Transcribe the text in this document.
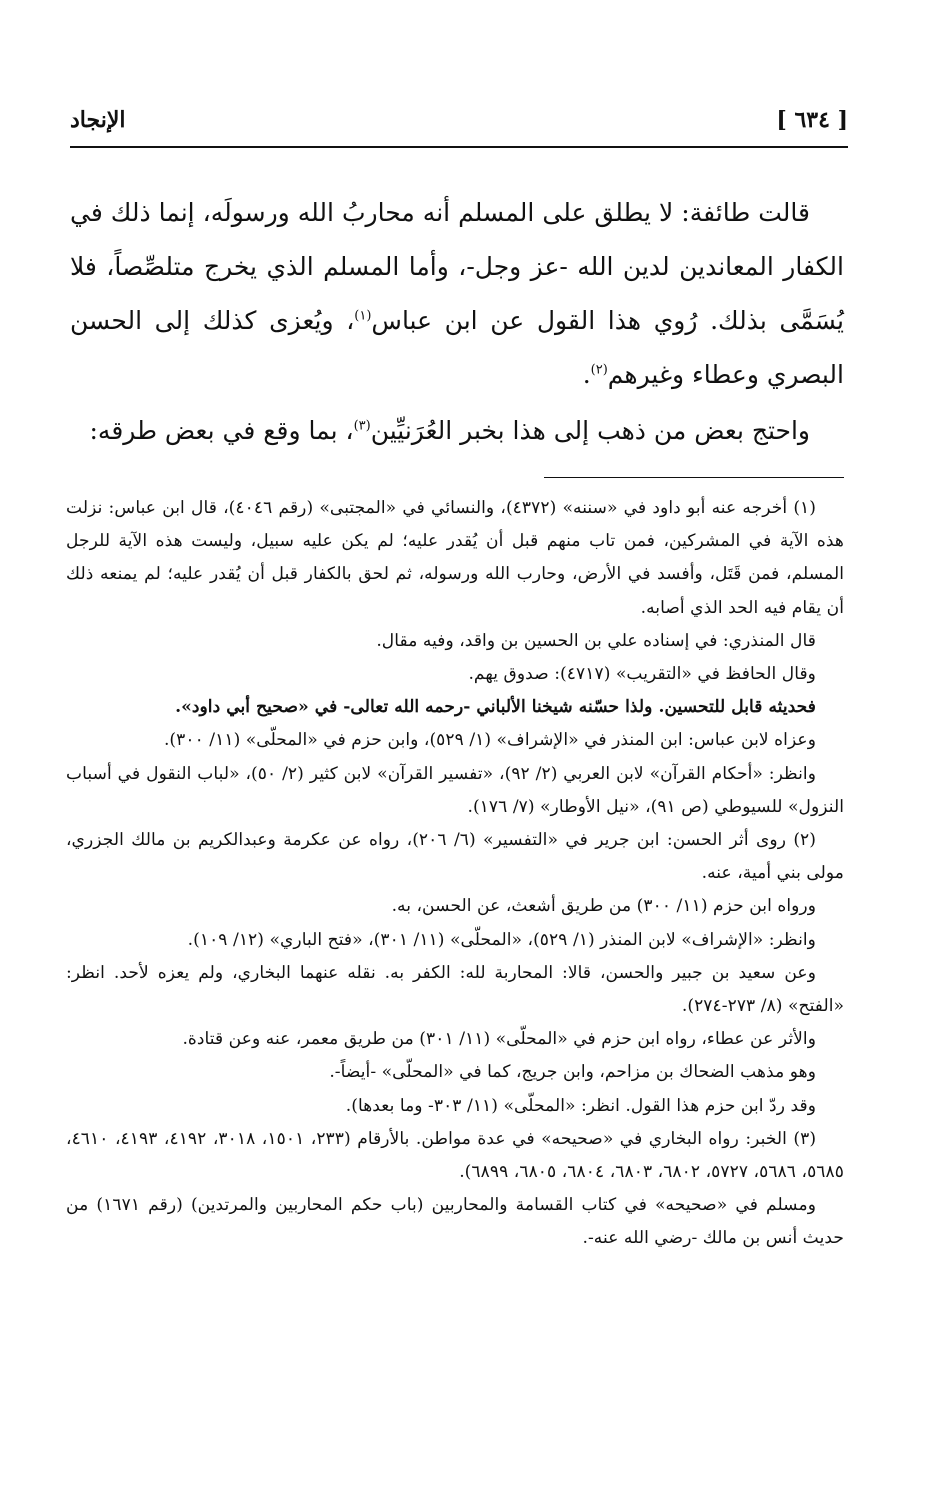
[ ٦٣٤ ]
الإنجاد

قالت طائفة: لا يطلق على المسلم أنه محاربُ الله ورسولَه، إنما ذلك في الكفار المعاندين لدين الله -عز وجل-، وأما المسلم الذي يخرج متلصِّصاً، فلا يُسَمَّى بذلك. رُوي هذا القول عن ابن عباس$^{(١)}$، ويُعزى كذلك إلى الحسن البصري وعطاء وغيرهم$^{(٢)}$.

واحتج بعض من ذهب إلى هذا بخبر العُرَنيِّين$^{(٣)}$، بما وقع في بعض طرقه:

(١) أخرجه عنه أبو داود في «سننه» (٤٣٧٢)، والنسائي في «المجتبى» (رقم ٤٠٤٦)، قال ابن عباس: نزلت هذه الآية في المشركين، فمن تاب منهم قبل أن يُقدر عليه؛ لم يكن عليه سبيل، وليست هذه الآية للرجل المسلم، فمن قَتَل، وأفسد في الأرض، وحارب الله ورسوله، ثم لحق بالكفار قبل أن يُقدر عليه؛ لم يمنعه ذلك أن يقام فيه الحد الذي أصابه.

قال المنذري: في إسناده علي بن الحسين بن واقد، وفيه مقال.

وقال الحافظ في «التقريب» (٤٧١٧): صدوق يهم.

فحديثه قابل للتحسين. ولذا حسّنه شيخنا الألباني -رحمه الله تعالى- في «صحيح أبي داود».

وعزاه لابن عباس: ابن المنذر في «الإشراف» (١/ ٥٢٩)، وابن حزم في «المحلّى» (١١/ ٣٠٠).

وانظر: «أحكام القرآن» لابن العربي (٢/ ٩٢)، «تفسير القرآن» لابن كثير (٢/ ٥٠)، «لباب النقول في أسباب النزول» للسيوطي (ص ٩١)، «نيل الأوطار» (٧/ ١٧٦).

(٢) روى أثر الحسن: ابن جرير في «التفسير» (٦/ ٢٠٦)، رواه عن عكرمة وعبدالكريم بن مالك الجزري، مولى بني أمية، عنه.

ورواه ابن حزم (١١/ ٣٠٠) من طريق أشعث، عن الحسن، به.

وانظر: «الإشراف» لابن المنذر (١/ ٥٢٩)، «المحلّى» (١١/ ٣٠١)، «فتح الباري» (١٢/ ١٠٩).

وعن سعيد بن جبير والحسن، قالا: المحاربة لله: الكفر به. نقله عنهما البخاري، ولم يعزه لأحد. انظر: «الفتح» (٨/ ٢٧٣-٢٧٤).

والأثر عن عطاء، رواه ابن حزم في «المحلّى» (١١/ ٣٠١) من طريق معمر، عنه وعن قتادة.

وهو مذهب الضحاك بن مزاحم، وابن جريج، كما في «المحلّى» -أيضاً-.

وقد ردّ ابن حزم هذا القول. انظر: «المحلّى» (١١/ ٣٠٣- وما بعدها).

(٣) الخبر: رواه البخاري في «صحيحه» في عدة مواطن. بالأرقام (٢٣٣، ١٥٠١، ٣٠١٨، ٤١٩٢، ٤١٩٣، ٤٦١٠، ٥٦٨٥، ٥٦٨٦، ٥٧٢٧، ٦٨٠٢، ٦٨٠٣، ٦٨٠٤، ٦٨٠٥، ٦٨٩٩).

ومسلم في «صحيحه» في كتاب القسامة والمحاربين (باب حكم المحاربين والمرتدين) (رقم ١٦٧١) من حديث أنس بن مالك -رضي الله عنه-.
